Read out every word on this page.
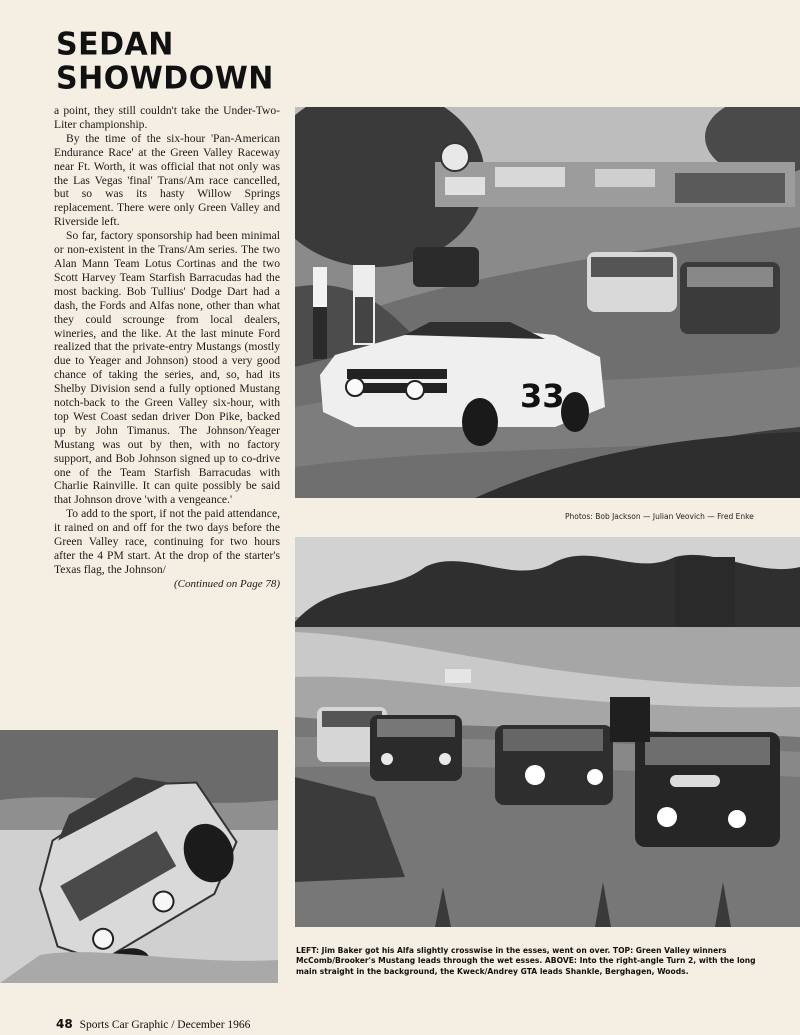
SEDAN
SHOWDOWN

a point, they still couldn't take the Under-Two-Liter championship.

By the time of the six-hour 'Pan-American Endurance Race' at the Green Valley Raceway near Ft. Worth, it was official that not only was the Las Vegas 'final' Trans/Am race cancelled, but so was its hasty Willow Springs replacement. There were only Green Valley and Riverside left.

So far, factory sponsorship had been minimal or non-existent in the Trans/Am series. The two Alan Mann Team Lotus Cortinas and the two Scott Harvey Team Starfish Barracudas had the most backing. Bob Tullius' Dodge Dart had a dash, the Fords and Alfas none, other than what they could scrounge from local dealers, wineries, and the like. At the last minute Ford realized that the private-entry Mustangs (mostly due to Yeager and Johnson) stood a very good chance of taking the series, and, so, had its Shelby Division send a fully optioned Mustang notch-back to the Green Valley six-hour, with top West Coast sedan driver Don Pike, backed up by John Timanus. The Johnson/Yeager Mustang was out by then, with no factory support, and Bob Johnson signed up to co-drive one of the Team Starfish Barracudas with Charlie Rainville. It can quite possibly be said that Johnson drove 'with a vengeance.'

To add to the sport, if not the paid attendance, it rained on and off for the two days before the Green Valley race, continuing for two hours after the 4 PM start. At the drop of the starter's Texas flag, the Johnson/

(Continued on Page 78)
33
Photos: Bob Jackson — Julian Veovich — Fred Enke
LEFT: Jim Baker got his Alfa slightly crosswise in the esses, went on over. TOP: Green Valley winners McComb/Brooker's Mustang leads through the wet esses. ABOVE: Into the right-angle Turn 2, with the long main straight in the background, the Kweck/Andrey GTA leads Shankle, Berghagen, Woods.
48 Sports Car Graphic / December 1966
